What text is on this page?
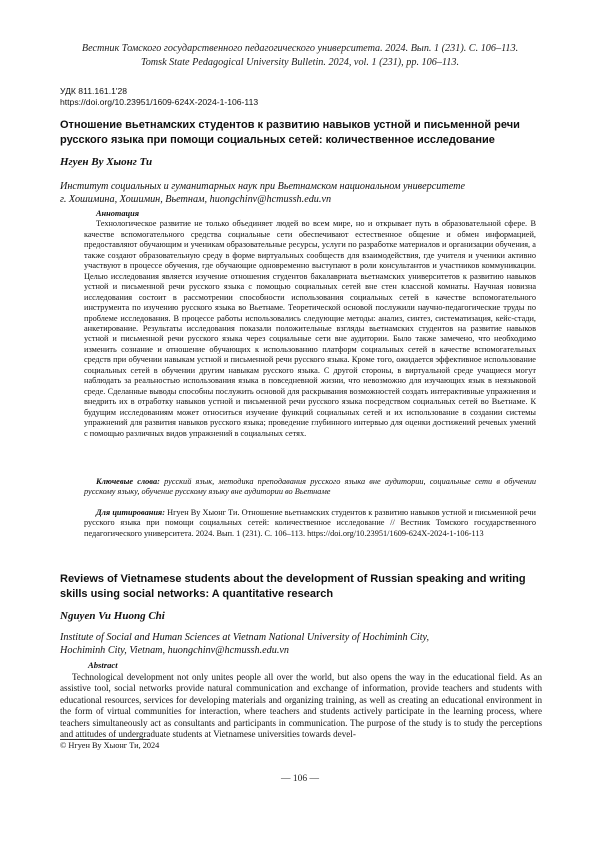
Вестник Томского государственного педагогического университета. 2024. Вып. 1 (231). С. 106–113.
Tomsk State Pedagogical University Bulletin. 2024, vol. 1 (231), pp. 106–113.
УДК 811.161.1'28
https://doi.org/10.23951/1609-624X-2024-1-106-113
Отношение вьетнамских студентов к развитию навыков устной и письменной речи русского языка при помощи социальных сетей: количественное исследование
Нгуен Ву Хыонг Ти
Институт социальных и гуманитарных наук при Вьетнамском национальном университете
г. Хошимина, Хошимин, Вьетнам, huongchinv@hcmussh.edu.vn
Аннотация
Технологическое развитие не только объединяет людей во всем мире, но и открывает путь в образовательной сфере. В качестве вспомогательного средства социальные сети обеспечивают естественное общение и обмен информацией, предоставляют обучающим и ученикам образовательные ресурсы, услуги по разработке материалов и организации обучения, а также создают образовательную среду в форме виртуальных сообществ для взаимодействия, где учителя и ученики активно участвуют в процессе обучения, где обучающие одновременно выступают в роли консультантов и участников коммуникации. Целью исследования является изучение отношения студентов бакалавриата вьетнамских университетов к развитию навыков устной и письменной речи русского языка с помощью социальных сетей вне стен классной комнаты. Научная новизна исследования состоит в рассмотрении способности использования социальных сетей в качестве вспомогательного инструмента по изучению русского языка во Вьетнаме. Теоретической основой послужили научно-педагогические труды по проблеме исследования. В процессе работы использовались следующие методы: анализ, синтез, систематизация, кейс-стади, анкетирование. Результаты исследования показали положительные взгляды вьетнамских студентов на развитие навыков устной и письменной речи русского языка через социальные сети вне аудитории. Было также замечено, что необходимо изменить сознание и отношение обучающих к использованию платформ социальных сетей в качестве вспомогательных средств при обучении навыкам устной и письменной речи русского языка. Кроме того, ожидается эффективное использование социальных сетей в обучении другим навыкам русского языка. С другой стороны, в виртуальной среде учащиеся могут наблюдать за реальностью использования языка в повседневной жизни, что невозможно для изучающих язык в неязыковой среде. Сделанные выводы способны послужить основой для раскрывания возможностей создать интерактивные упражнения и внедрить их в отработку навыков устной и письменной речи русского языка посредством социальных сетей во Вьетнаме. К будущим исследованиям может относиться изучение функций социальных сетей и их использование в создании системы упражнений для развития навыков русского языка; проведение глубинного интервью для оценки достижений речевых умений с помощью различных видов упражнений в социальных сетях.
Ключевые слова: русский язык, методика преподавания русского языка вне аудитории, социальные сети в обучении русскому языку, обучение русскому языку вне аудитории во Вьетнаме
Для цитирования: Нгуен Ву Хыонг Ти. Отношение вьетнамских студентов к развитию навыков устной и письменной речи русского языка при помощи социальных сетей: количественное исследование // Вестник Томского государственного педагогического университета. 2024. Вып. 1 (231). С. 106–113. https://doi.org/10.23951/1609-624X-2024-1-106-113
Reviews of Vietnamese students about the development of Russian speaking and writing skills using social networks: A quantitative research
Nguyen Vu Huong Chi
Institute of Social and Human Sciences at Vietnam National University of Hochiminh City,
Hochiminh City, Vietnam, huongchinv@hcmussh.edu.vn
Abstract
Technological development not only unites people all over the world, but also opens the way in the educational field. As an assistive tool, social networks provide natural communication and exchange of information, provide teachers and students with educational resources, services for developing materials and organizing training, as well as creating an educational environment in the form of virtual communities for interaction, where teachers and students actively participate in the learning process, where teachers simultaneously act as consultants and participants in communication. The purpose of the study is to study the perceptions and attitudes of undergraduate students at Vietnamese universities towards devel-
© Нгуен Ву Хыонг Ти, 2024
— 106 —
